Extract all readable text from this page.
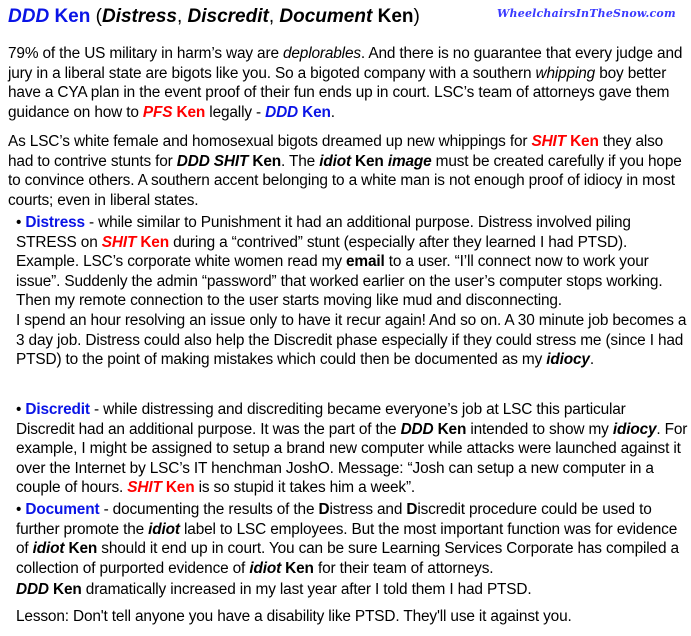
DDD Ken (Distress, Discredit, Document Ken)	WheelchairsInTheSnow.com

79% of the US military in harm’s way are deplorables. And there is no guarantee that every judge and jury in a liberal state are bigots like you. So a bigoted company with a southern whipping boy better have a CYA plan in the event proof of their fun ends up in court. LSC’s team of attorneys gave them guidance on how to PFS Ken legally - DDD Ken.

As LSC’s white female and homosexual bigots dreamed up new whippings for SHIT Ken they also had to contrive stunts for DDD SHIT Ken. The idiot Ken image must be created carefully if you hope to convince others. A southern accent belonging to a white man is not enough proof of idiocy in most courts; even in liberal states.

• Distress - while similar to Punishment it had an additional purpose. Distress involved piling STRESS on SHIT Ken during a “contrived” stunt (especially after they learned I had PTSD). Example. LSC’s corporate white women read my email to a user. “I’ll connect now to work your issue”. Suddenly the admin “password” that worked earlier on the user’s computer stops working. Then my remote connection to the user starts moving like mud and disconnecting.

I spend an hour resolving an issue only to have it recur again! And so on. A 30 minute job becomes a 3 day job. Distress could also help the Discredit phase especially if they could stress me (since I had PTSD) to the point of making mistakes which could then be documented as my idiocy.

• Discredit - while distressing and discrediting became everyone’s job at LSC this particular Discredit had an additional purpose. It was the part of the DDD Ken intended to show my idiocy. For example, I might be assigned to setup a brand new computer while attacks were launched against it over the Internet by LSC’s IT henchman JoshO. Message: “Josh can setup a new computer in a couple of hours. SHIT Ken is so stupid it takes him a week”.

• Document - documenting the results of the Distress and Discredit procedure could be used to further promote the idiot label to LSC employees. But the most important function was for evidence of idiot Ken should it end up in court. You can be sure Learning Services Corporate has compiled a collection of purported evidence of idiot Ken for their team of attorneys.

DDD Ken dramatically increased in my last year after I told them I had PTSD.

Lesson: Don't tell anyone you have a disability like PTSD. They'll use it against you.
